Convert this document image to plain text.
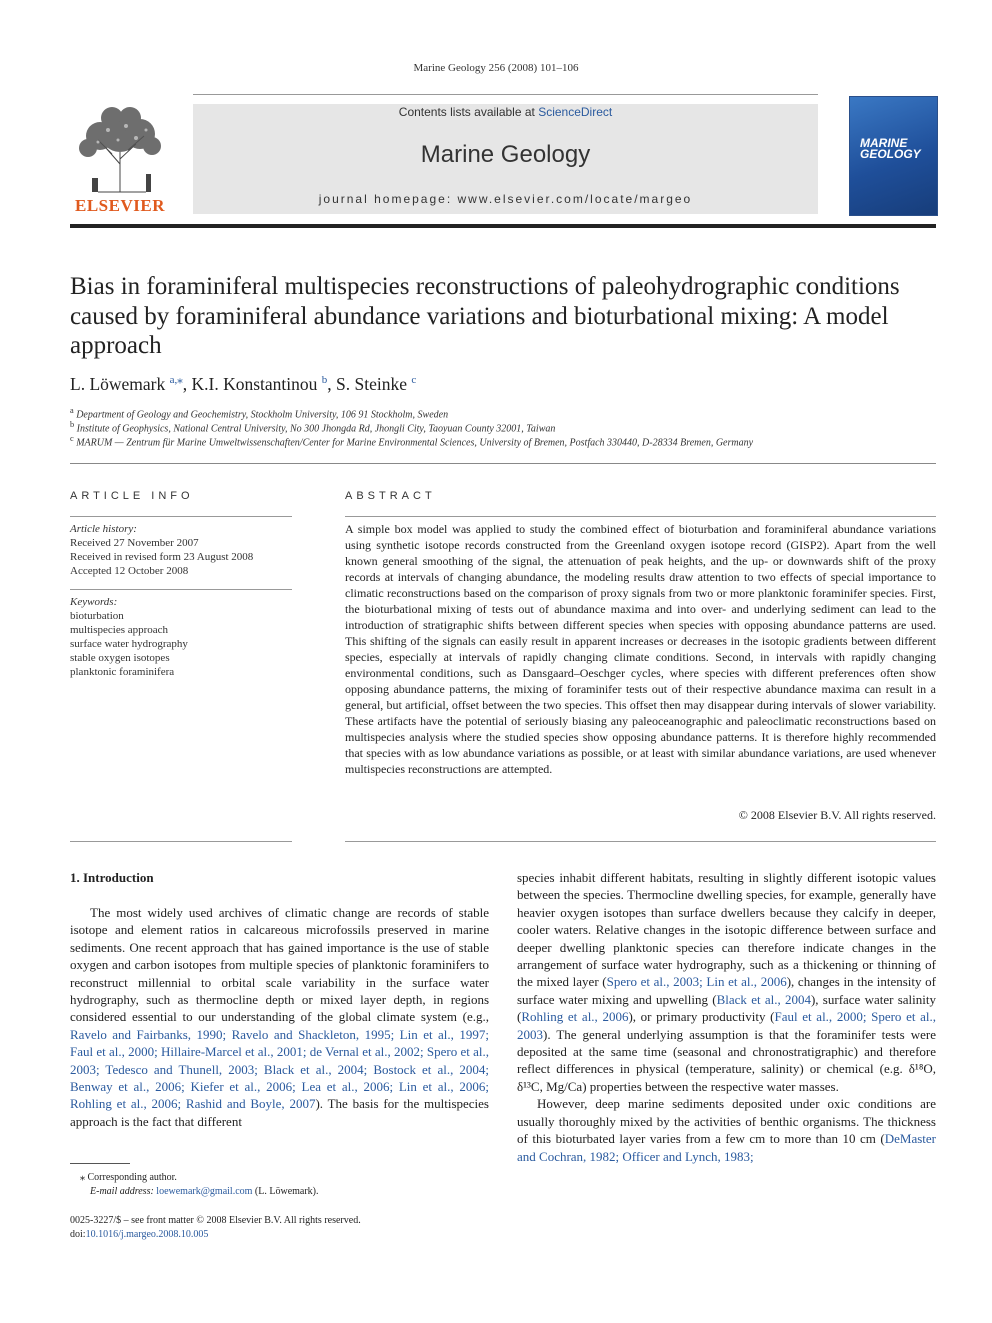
Marine Geology 256 (2008) 101–106
ELSEVIER
Contents lists available at ScienceDirect
Marine Geology
journal homepage: www.elsevier.com/locate/margeo
MARINE
GEOLOGY
Bias in foraminiferal multispecies reconstructions of paleohydrographic conditions caused by foraminiferal abundance variations and bioturbational mixing: A model approach
L. Löwemark $^{a,⁎}$, K.I. Konstantinou $^b$, S. Steinke $^c$
$^a$ Department of Geology and Geochemistry, Stockholm University, 106 91 Stockholm, Sweden
$^b$ Institute of Geophysics, National Central University, No 300 Jhongda Rd, Jhongli City, Taoyuan County 32001, Taiwan
$^c$ MARUM — Zentrum für Marine Umweltwissenschaften/Center for Marine Environmental Sciences, University of Bremen, Postfach 330440, D-28334 Bremen, Germany
ARTICLE INFO
Article history:
Received 27 November 2007
Received in revised form 23 August 2008
Accepted 12 October 2008
Keywords:
bioturbation
multispecies approach
surface water hydrography
stable oxygen isotopes
planktonic foraminifera
ABSTRACT
A simple box model was applied to study the combined effect of bioturbation and foraminiferal abundance variations using synthetic isotope records constructed from the Greenland oxygen isotope record (GISP2). Apart from the well known general smoothing of the signal, the attenuation of peak heights, and the up- or downwards shift of the proxy records at intervals of changing abundance, the modeling results draw attention to two effects of special importance to climatic reconstructions based on the comparison of proxy signals from two or more planktonic foraminifer species. First, the bioturbational mixing of tests out of abundance maxima and into over- and underlying sediment can lead to the introduction of stratigraphic shifts between different species when species with opposing abundance patterns are used. This shifting of the signals can easily result in apparent increases or decreases in the isotopic gradients between different species, especially at intervals of rapidly changing climate conditions. Second, in intervals with rapidly changing environmental conditions, such as Dansgaard–Oeschger cycles, where species with different preferences often show opposing abundance patterns, the mixing of foraminifer tests out of their respective abundance maxima can result in a general, but artificial, offset between the two species. This offset then may disappear during intervals of slower variability. These artifacts have the potential of seriously biasing any paleoceanographic and paleoclimatic reconstructions based on multispecies analysis where the studied species show opposing abundance patterns. It is therefore highly recommended that species with as low abundance variations as possible, or at least with similar abundance variations, are used whenever multispecies reconstructions are attempted.
© 2008 Elsevier B.V. All rights reserved.
1. Introduction

The most widely used archives of climatic change are records of stable isotope and element ratios in calcareous microfossils preserved in marine sediments. One recent approach that has gained importance is the use of stable oxygen and carbon isotopes from multiple species of planktonic foraminifers to reconstruct millennial to orbital scale variability in the surface water hydrography, such as thermocline depth or mixed layer depth, in regions considered essential to our understanding of the global climate system (e.g., Ravelo and Fairbanks, 1990; Ravelo and Shackleton, 1995; Lin et al., 1997; Faul et al., 2000; Hillaire-Marcel et al., 2001; de Vernal et al., 2002; Spero et al., 2003; Tedesco and Thunell, 2003; Black et al., 2004; Bostock et al., 2004; Benway et al., 2006; Kiefer et al., 2006; Lea et al., 2006; Lin et al., 2006; Rohling et al., 2006; Rashid and Boyle, 2007). The basis for the multispecies approach is the fact that different

species inhabit different habitats, resulting in slightly different isotopic values between the species. Thermocline dwelling species, for example, generally have heavier oxygen isotopes than surface dwellers because they calcify in deeper, cooler waters. Relative changes in the isotopic difference between surface and deeper dwelling planktonic species can therefore indicate changes in the arrangement of surface water hydrography, such as a thickening or thinning of the mixed layer (Spero et al., 2003; Lin et al., 2006), changes in the intensity of surface water mixing and upwelling (Black et al., 2004), surface water salinity (Rohling et al., 2006), or primary productivity (Faul et al., 2000; Spero et al., 2003). The general underlying assumption is that the foraminifer tests were deposited at the same time (seasonal and chronostratigraphic) and therefore reflect differences in physical (temperature, salinity) or chemical (e.g. δ¹⁸O, δ¹³C, Mg/Ca) properties between the respective water masses.

However, deep marine sediments deposited under oxic conditions are usually thoroughly mixed by the activities of benthic organisms. The thickness of this bioturbated layer varies from a few cm to more than 10 cm (DeMaster and Cochran, 1982; Officer and Lynch, 1983;

⁎ Corresponding author.
E-mail address: loewemark@gmail.com (L. Löwemark).
0025-3227/$ – see front matter © 2008 Elsevier B.V. All rights reserved.
doi:10.1016/j.margeo.2008.10.005
